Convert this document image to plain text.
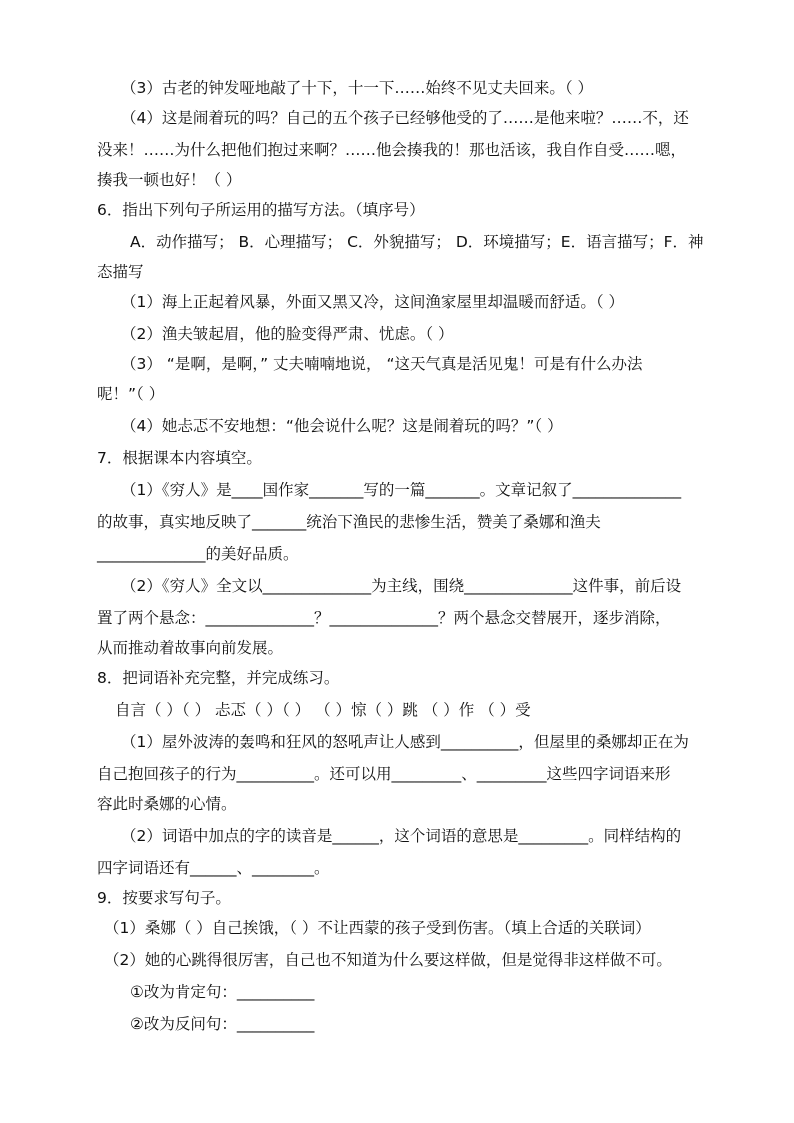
（3）古老的钟发哑地敲了十下，十一下……始终不见丈夫回来。（ ）
（4）这是闹着玩的吗？自己的五个孩子已经够他受的了……是他来啦？……不，还
没来！……为什么把他们抱过来啊？……他会揍我的！那也活该，我自作自受……嗯，
揍我一顿也好！（ ）
6．指出下列句子所运用的描写方法。（填序号）
A．动作描写； B．心理描写； C．外貌描写； D．环境描写；E．语言描写；F．神
态描写
（1）海上正起着风暴，外面又黑又冷，这间渔家屋里却温暖而舒适。（ ）
（2）渔夫皱起眉，他的脸变得严肃、忧虑。（ ）
（3） “是啊，是啊，” 丈夫喃喃地说， “这天气真是活见鬼！可是有什么办法
呢！”（ ）
（4）她忐忑不安地想：“他会说什么呢？这是闹着玩的吗？”（ ）
7．根据课本内容填空。
（1）《穷人》是____国作家_______写的一篇_______。文章记叙了______________
的故事，真实地反映了_______统治下渔民的悲惨生活，赞美了桑娜和渔夫
______________的美好品质。
（2）《穷人》全文以______________为主线，围绕______________这件事，前后设
置了两个悬念：______________？______________？两个悬念交替展开，逐步消除，
从而推动着故事向前发展。
8．把词语补充完整，并完成练习。
自言（ ）（ ） 忐忑（ ）（ ） （ ）惊（ ）跳 （ ）作 （ ）受
（1）屋外波涛的轰鸣和狂风的怒吼声让人感到__________，但屋里的桑娜却正在为
自己抱回孩子的行为__________。还可以用_________、_________这些四字词语来形
容此时桑娜的心情。
（2）词语中加点的字的读音是______，这个词语的意思是_________。同样结构的
四字词语还有______、________。
9．按要求写句子。
（1）桑娜（ ）自己挨饿，（ ）不让西蒙的孩子受到伤害。（填上合适的关联词）
（2）她的心跳得很厉害，自己也不知道为什么要这样做，但是觉得非这样做不可。
①改为肯定句：__________
②改为反问句：__________
